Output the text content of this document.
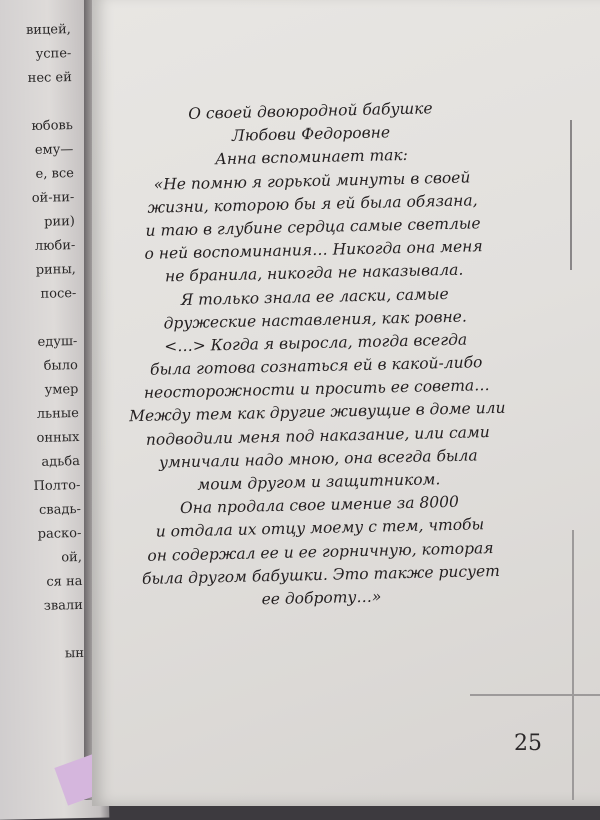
вицей,
успе-
нес ей
юбовь
ему—
е, все
ой-ни-
рии)
люби-
рины,
посе-
едуш-
было
умер
льные
онных
адьба
Полто-
свадь-
раско-
ой,
ся на
звали
ын
О своей двоюродной бабушке
Любови Федоровне
Анна вспоминает так:
«Не помню я горькой минуты в своей
жизни, которою бы я ей была обязана,
и таю в глубине сердца самые светлые
о ней воспоминания… Никогда она меня
не бранила, никогда не наказывала.
Я только знала ее ласки, самые
дружеские наставления, как ровне.
<…> Когда я выросла, тогда всегда
была готова сознаться ей в какой-либо
неосторожности и просить ее совета…
Между тем как другие живущие в доме или
подводили меня под наказание, или сами
умничали надо мною, она всегда была
моим другом и защитником.
Она продала свое имение за 8000
и отдала их отцу моему с тем, чтобы
он содержал ее и ее горничную, которая
была другом бабушки. Это также рисует
ее доброту…»
25
